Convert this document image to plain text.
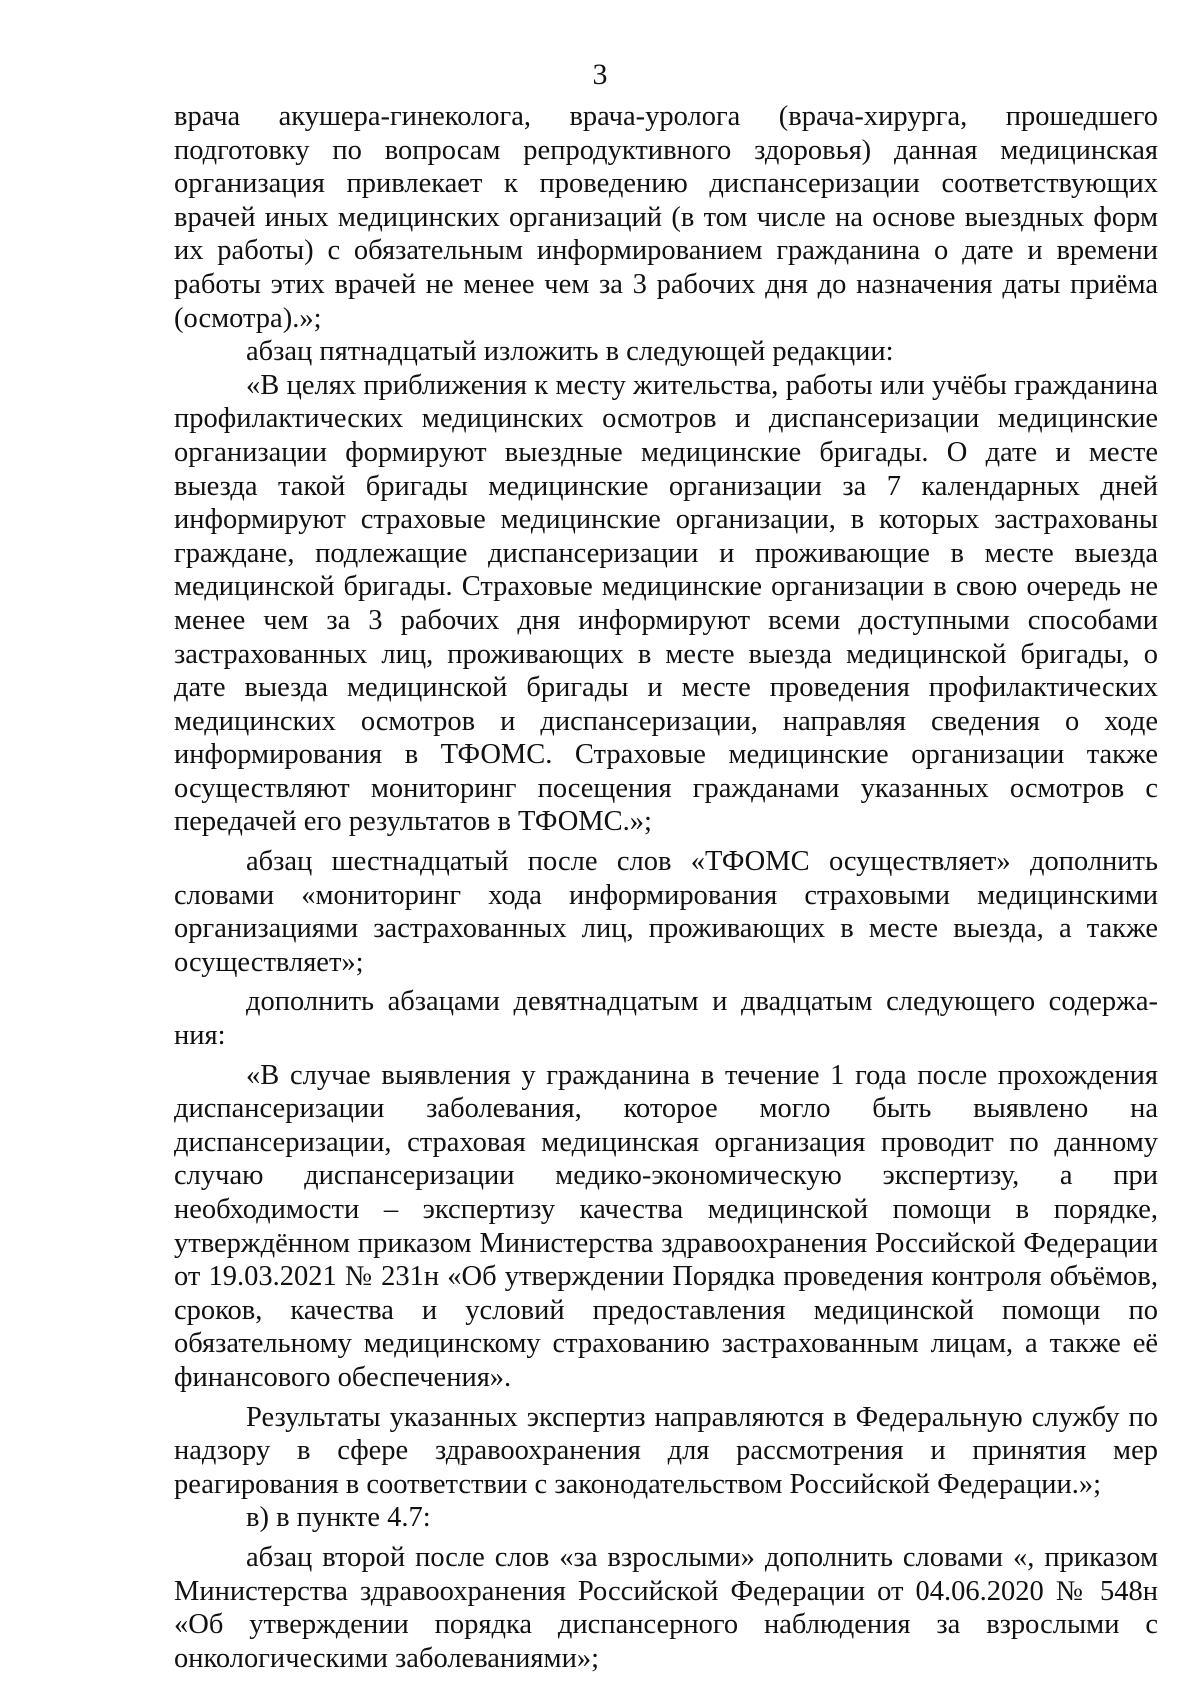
3

врача акушера-гинеколога, врача-уролога (врача-хирурга, прошедшего подготовку по вопросам репродуктивного здоровья) данная медицинская организация привлекает к проведению диспансеризации соответствующих врачей иных медицинских организаций (в том числе на основе выездных форм их работы) с обязательным информированием гражданина о дате и времени работы этих врачей не менее чем за 3 рабочих дня до назначения даты приёма (осмотра).»;

абзац пятнадцатый изложить в следующей редакции:

«В целях приближения к месту жительства, работы или учёбы гражданина профилактических медицинских осмотров и диспансеризации медицинские организации формируют выездные медицинские бригады. О дате и месте выезда такой бригады медицинские организации за 7 календарных дней информируют страховые медицинские организации, в которых застрахованы граждане, подлежащие диспансеризации и проживающие в месте выезда медицинской бригады. Страховые медицинские организации в свою очередь не менее чем за 3 рабочих дня информируют всеми доступными способами застрахованных лиц, проживающих в месте выезда медицинской бригады, о дате выезда медицинской бригады и месте проведения профилактических медицинских осмотров и диспансеризации, направляя сведения о ходе информирования в ТФОМС. Страховые медицинские организации также осуществляют мониторинг посещения гражданами указанных осмотров с передачей его результатов в ТФОМС.»;

абзац шестнадцатый после слов «ТФОМС осуществляет» дополнить словами «мониторинг хода информирования страховыми медицинскими организациями застрахованных лиц, проживающих в месте выезда, а также осуществляет»;

дополнить абзацами девятнадцатым и двадцатым следующего содержания:

«В случае выявления у гражданина в течение 1 года после прохождения диспансеризации заболевания, которое могло быть выявлено на диспансеризации, страховая медицинская организация проводит по данному случаю диспансеризации медико-экономическую экспертизу, а при необходимости – экспертизу качества медицинской помощи в порядке, утверждённом приказом Министерства здравоохранения Российской Федерации от 19.03.2021 № 231н «Об утверждении Порядка проведения контроля объёмов, сроков, качества и условий предоставления медицинской помощи по обязательному медицинскому страхованию застрахованным лицам, а также её финансового обеспечения».

Результаты указанных экспертиз направляются в Федеральную службу по надзору в сфере здравоохранения для рассмотрения и принятия мер реагирования в соответствии с законодательством Российской Федерации.»;

в) в пункте 4.7:

абзац второй после слов «за взрослыми» дополнить словами «, приказом Министерства здравоохранения Российской Федерации от 04.06.2020 № 548н «Об утверждении порядка диспансерного наблюдения за взрослыми с онкологическими заболеваниями»;
